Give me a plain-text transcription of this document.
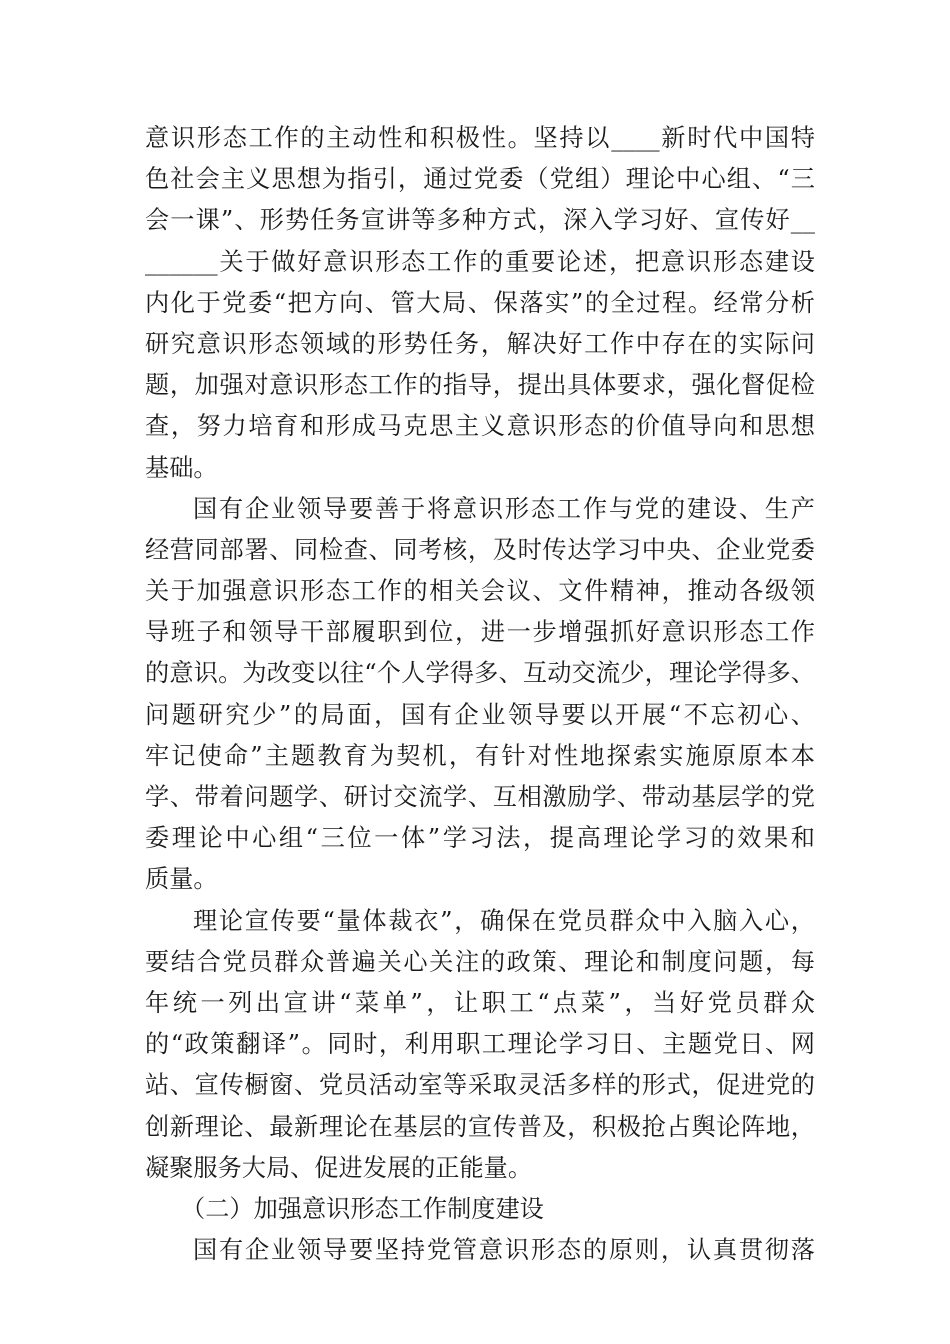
意识形态工作的主动性和积极性。坚持以____新时代中国特
色社会主义思想为指引，通过党委（党组）理论中心组、“三
会一课”、形势任务宣讲等多种方式，深入学习好、宣传好__
______关于做好意识形态工作的重要论述，把意识形态建设
内化于党委“把方向、管大局、保落实”的全过程。经常分析
研究意识形态领域的形势任务，解决好工作中存在的实际问
题，加强对意识形态工作的指导，提出具体要求，强化督促检
查，努力培育和形成马克思主义意识形态的价值导向和思想
基础。
国有企业领导要善于将意识形态工作与党的建设、生产
经营同部署、同检查、同考核，及时传达学习中央、企业党委
关于加强意识形态工作的相关会议、文件精神，推动各级领
导班子和领导干部履职到位，进一步增强抓好意识形态工作
的意识。为改变以往“个人学得多、互动交流少，理论学得多、
问题研究少”的局面，国有企业领导要以开展“不忘初心、
牢记使命”主题教育为契机，有针对性地探索实施原原本本
学、带着问题学、研讨交流学、互相激励学、带动基层学的党
委理论中心组“三位一体”学习法，提高理论学习的效果和
质量。
理论宣传要“量体裁衣”，确保在党员群众中入脑入心，
要结合党员群众普遍关心关注的政策、理论和制度问题，每
年统一列出宣讲“菜单”，让职工“点菜”，当好党员群众
的“政策翻译”。同时，利用职工理论学习日、主题党日、网
站、宣传橱窗、党员活动室等采取灵活多样的形式，促进党的
创新理论、最新理论在基层的宣传普及，积极抢占舆论阵地，
凝聚服务大局、促进发展的正能量。
（二）加强意识形态工作制度建设
国有企业领导要坚持党管意识形态的原则，认真贯彻落
